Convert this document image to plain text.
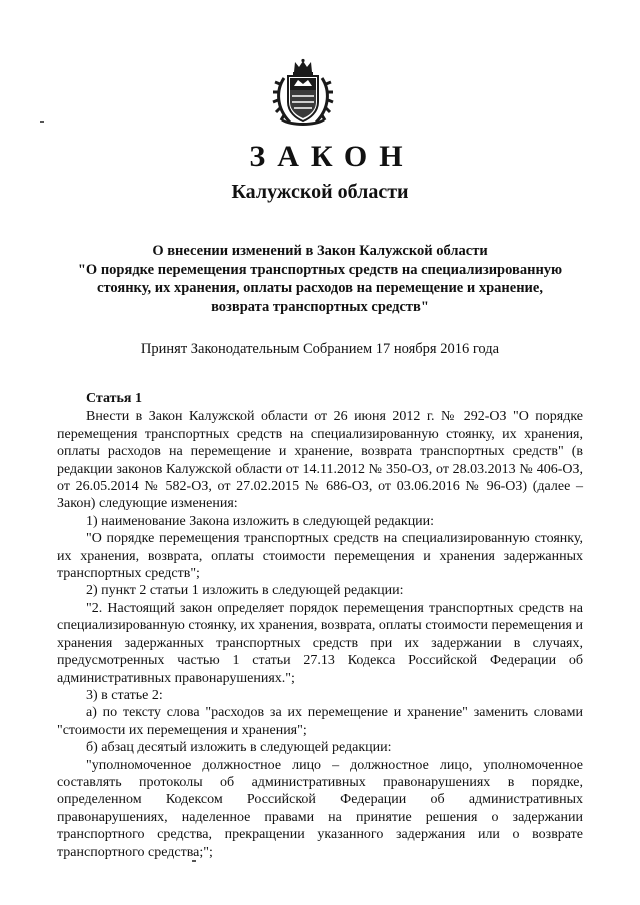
ЗАКОН
Калужской области
О внесении изменений в Закон Калужской области
"О порядке перемещения транспортных средств на специализированную
стоянку, их хранения, оплаты расходов на перемещение и хранение,
возврата транспортных средств"
Принят Законодательным Собранием 17 ноября 2016 года
Статья 1

Внести в Закон Калужской области от 26 июня 2012 г. № 292-ОЗ "О порядке перемещения транспортных средств на специализированную стоянку, их хранения, оплаты расходов на перемещение и хранение, возврата транспортных средств" (в редакции законов Калужской области от 14.11.2012 № 350-ОЗ, от 28.03.2013 № 406-ОЗ, от 26.05.2014 № 582-ОЗ, от 27.02.2015 № 686-ОЗ, от 03.06.2016 № 96-ОЗ) (далее – Закон) следующие изменения:

1) наименование Закона изложить в следующей редакции:

"О порядке перемещения транспортных средств на специализированную стоянку, их хранения, возврата, оплаты стоимости перемещения и хранения задержанных транспортных средств";

2) пункт 2 статьи 1 изложить в следующей редакции:

"2. Настоящий закон определяет порядок перемещения транспортных средств на специализированную стоянку, их хранения, возврата, оплаты стоимости перемещения и хранения задержанных транспортных средств при их задержании в случаях, предусмотренных частью 1 статьи 27.13 Кодекса Российской Федерации об административных правонарушениях.";

3) в статье 2:

а) по тексту слова "расходов за их перемещение и хранение" заменить словами "стоимости их перемещения и хранения";

б) абзац десятый изложить в следующей редакции:

"уполномоченное должностное лицо – должностное лицо, уполномоченное составлять протоколы об административных правонарушениях в порядке, определенном Кодексом Российской Федерации об административных правонарушениях, наделенное правами на принятие решения о задержании транспортного средства, прекращении указанного задержания или о возврате транспортного средства;";
